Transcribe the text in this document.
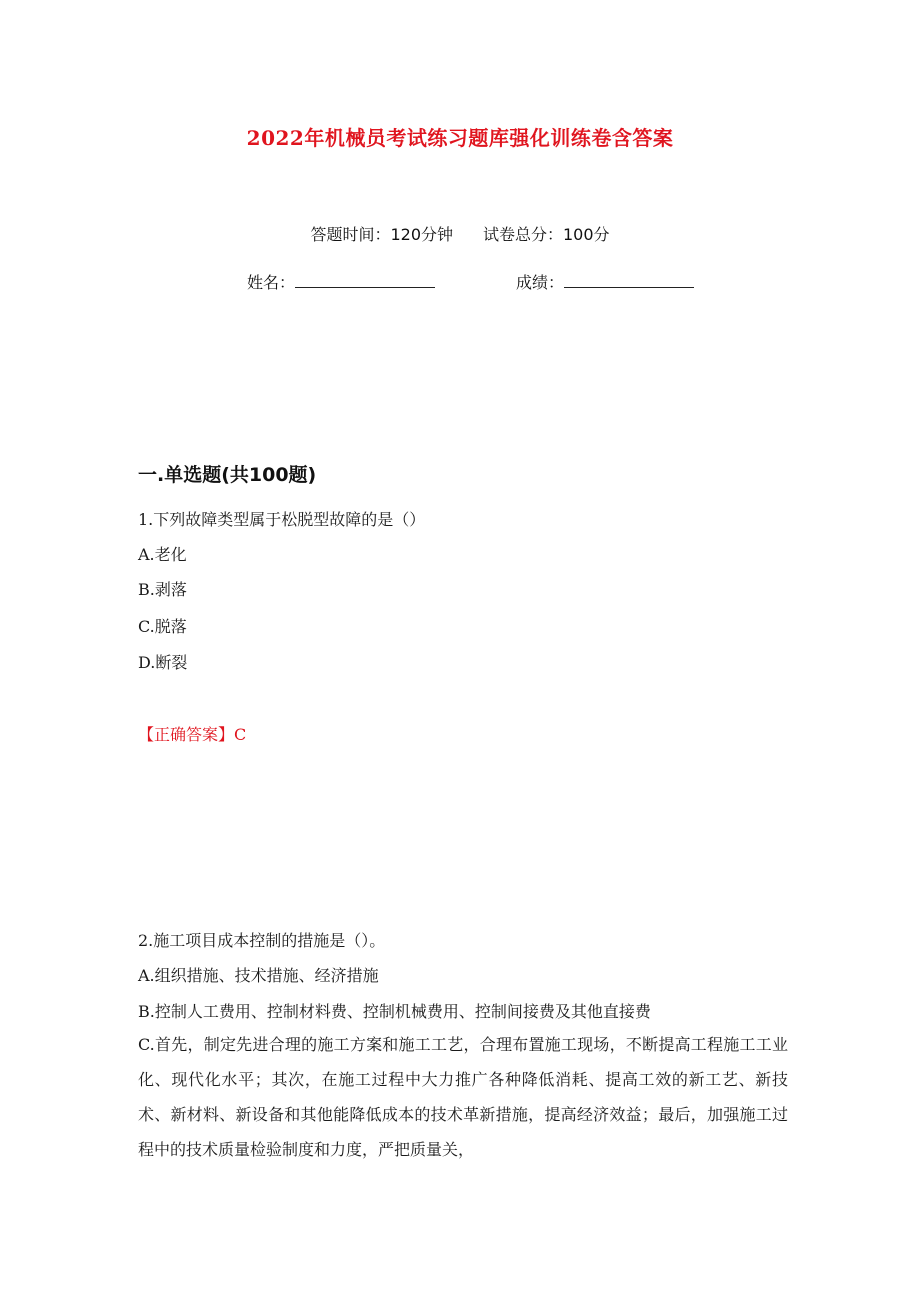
2022年机械员考试练习题库强化训练卷含答案
答题时间：120分钟 试卷总分：100分
姓名：	成绩：
一.单选题(共100题)
1.下列故障类型属于松脱型故障的是（）
A.老化
B.剥落
C.脱落
D.断裂
【正确答案】C
2.施工项目成本控制的措施是（）。
A.组织措施、技术措施、经济措施
B.控制人工费用、控制材料费、控制机械费用、控制间接费及其他直接费
C.首先，制定先进合理的施工方案和施工工艺，合理布置施工现场，不断提高工程施工工业化、现代化水平；其次，在施工过程中大力推广各种降低消耗、提高工效的新工艺、新技术、新材料、新设备和其他能降低成本的技术革新措施，提高经济效益；最后，加强施工过程中的技术质量检验制度和力度，严把质量关，
